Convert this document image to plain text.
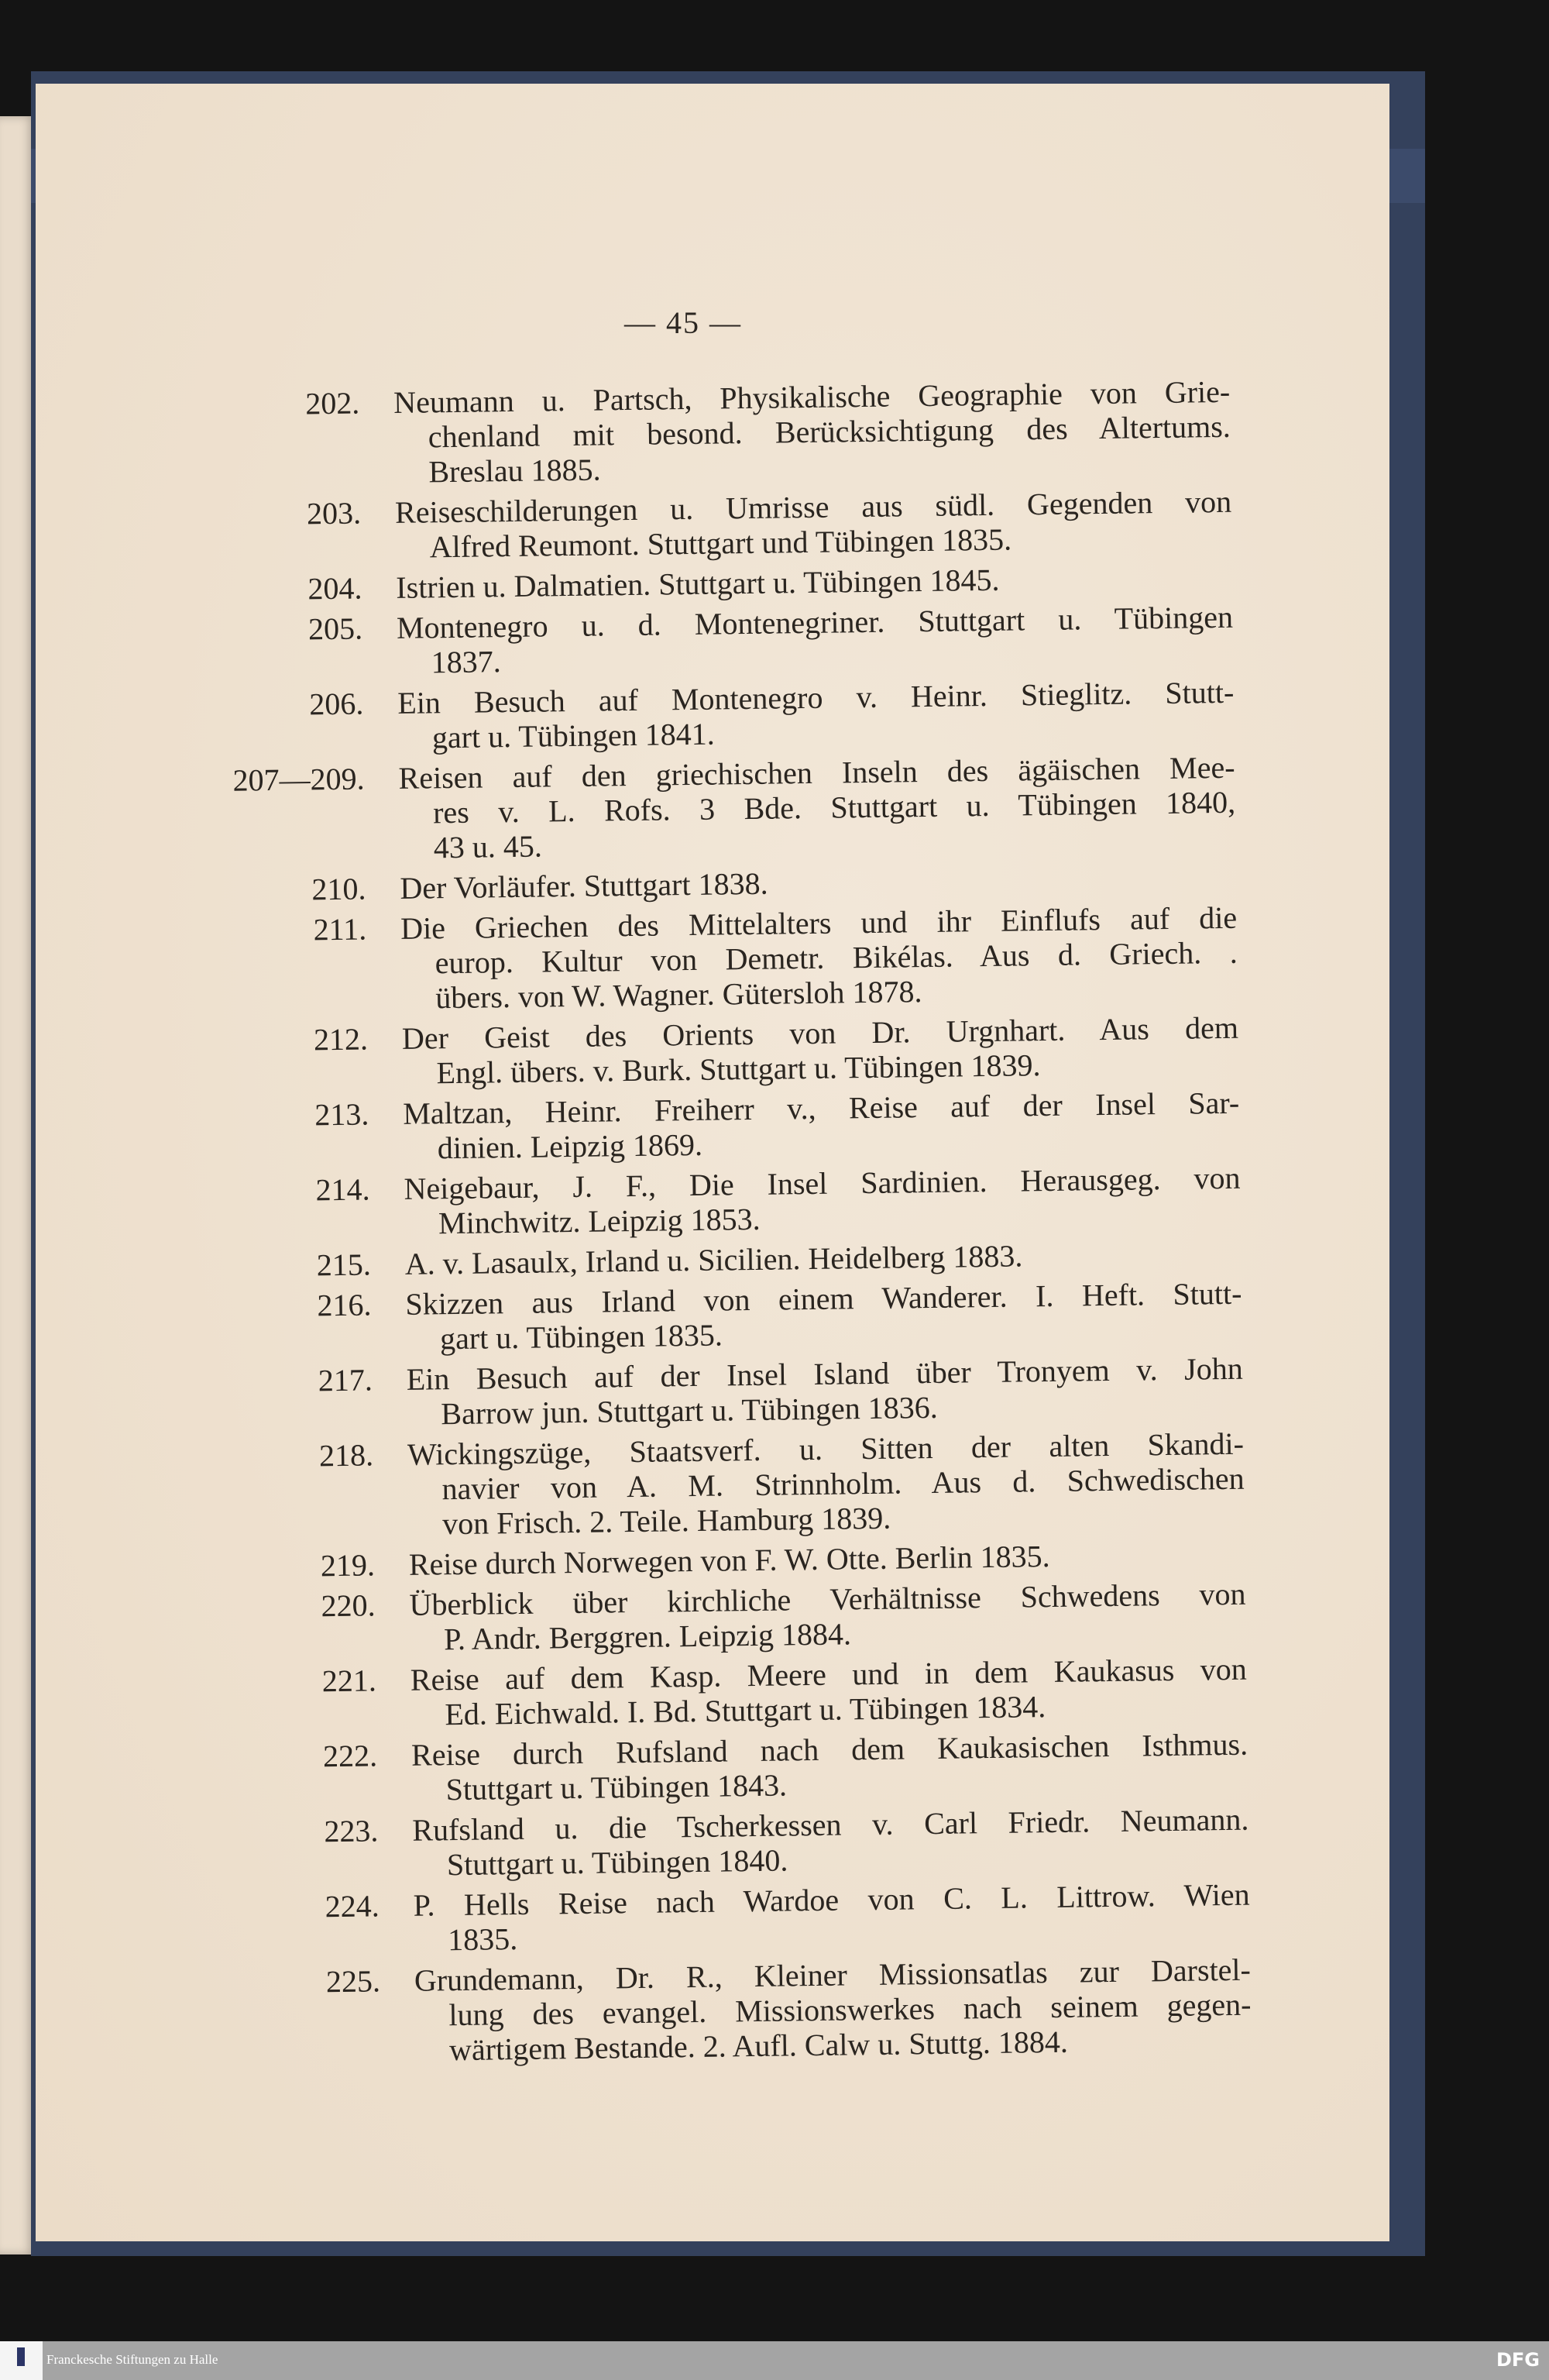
— 45 —
202. Neumann u. Partsch, Physikalische Geographie von Grie-
chenland mit besond. Berücksichtigung des Altertums.
Breslau 1885.
203. Reiseschilderungen u. Umrisse aus südl. Gegenden von
Alfred Reumont. Stuttgart und Tübingen 1835.
204. Istrien u. Dalmatien. Stuttgart u. Tübingen 1845.
205. Montenegro u. d. Montenegriner. Stuttgart u. Tübingen
1837.
206. Ein Besuch auf Montenegro v. Heinr. Stieglitz. Stutt-
gart u. Tübingen 1841.
207—209. Reisen auf den griechischen Inseln des ägäischen Mee-
res v. L. Rofs. 3 Bde. Stuttgart u. Tübingen 1840,
43 u. 45.
210. Der Vorläufer. Stuttgart 1838.
211. Die Griechen des Mittelalters und ihr Einflufs auf die
europ. Kultur von Demetr. Bikélas. Aus d. Griech. .
übers. von W. Wagner. Gütersloh 1878.
212. Der Geist des Orients von Dr. Urgnhart. Aus dem
Engl. übers. v. Burk. Stuttgart u. Tübingen 1839.
213. Maltzan, Heinr. Freiherr v., Reise auf der Insel Sar-
dinien. Leipzig 1869.
214. Neigebaur, J. F., Die Insel Sardinien. Herausgeg. von
Minchwitz. Leipzig 1853.
215. A. v. Lasaulx, Irland u. Sicilien. Heidelberg 1883.
216. Skizzen aus Irland von einem Wanderer. I. Heft. Stutt-
gart u. Tübingen 1835.
217. Ein Besuch auf der Insel Island über Tronyem v. John
Barrow jun. Stuttgart u. Tübingen 1836.
218. Wickingszüge, Staatsverf. u. Sitten der alten Skandi-
navier von A. M. Strinnholm. Aus d. Schwedischen
von Frisch. 2. Teile. Hamburg 1839.
219. Reise durch Norwegen von F. W. Otte. Berlin 1835.
220. Überblick über kirchliche Verhältnisse Schwedens von
P. Andr. Berggren. Leipzig 1884.
221. Reise auf dem Kasp. Meere und in dem Kaukasus von
Ed. Eichwald. I. Bd. Stuttgart u. Tübingen 1834.
222. Reise durch Rufsland nach dem Kaukasischen Isthmus.
Stuttgart u. Tübingen 1843.
223. Rufsland u. die Tscherkessen v. Carl Friedr. Neumann.
Stuttgart u. Tübingen 1840.
224. P. Hells Reise nach Wardoe von C. L. Littrow. Wien
1835.
225. Grundemann, Dr. R., Kleiner Missionsatlas zur Darstel-
lung des evangel. Missionswerkes nach seinem gegen-
wärtigem Bestande. 2. Aufl. Calw u. Stuttg. 1884.
Franckesche Stiftungen zu Halle	DFG
